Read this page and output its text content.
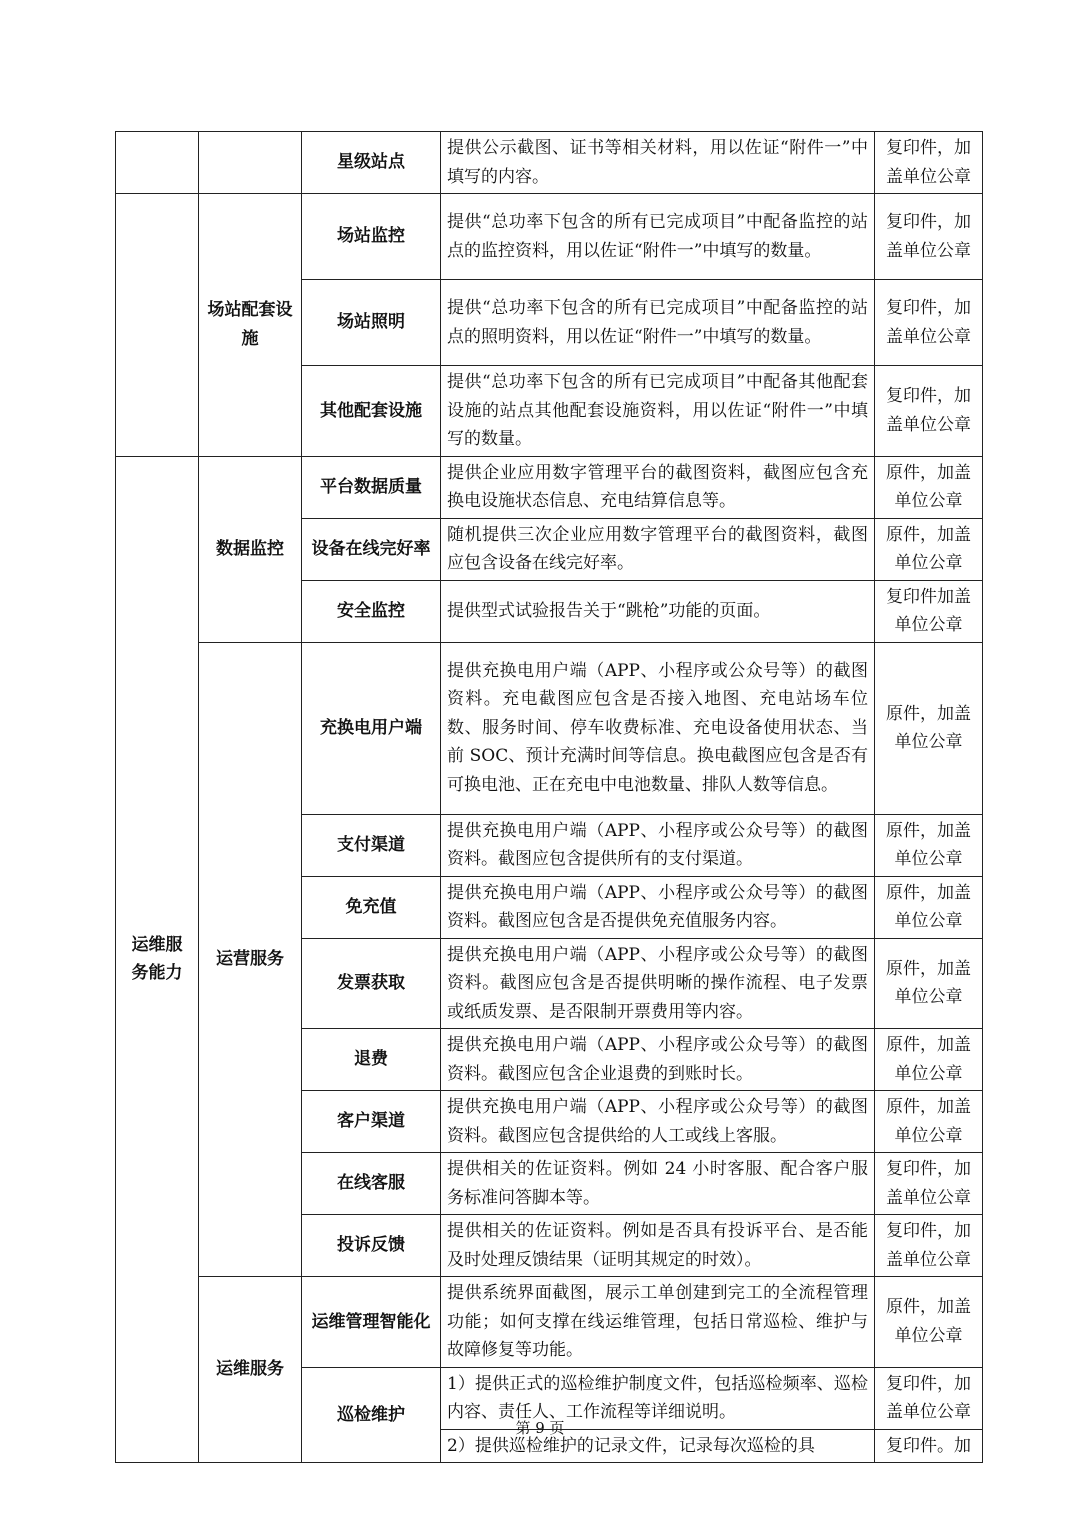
		星级站点	提供公示截图、证书等相关材料，用以佐证“附件一”中填写的内容。	复印件，加盖单位公章
	场站配套设施	场站监控	提供“总功率下包含的所有已完成项目”中配备监控的站点的监控资料，用以佐证“附件一”中填写的数量。	复印件，加盖单位公章
		场站照明	提供“总功率下包含的所有已完成项目”中配备监控的站点的照明资料，用以佐证“附件一”中填写的数量。	复印件，加盖单位公章
		其他配套设施	提供“总功率下包含的所有已完成项目”中配备其他配套设施的站点其他配套设施资料，用以佐证“附件一”中填写的数量。	复印件，加盖单位公章
运维服务能力	数据监控	平台数据质量	提供企业应用数字管理平台的截图资料，截图应包含充换电设施状态信息、充电结算信息等。	原件，加盖单位公章
		设备在线完好率	随机提供三次企业应用数字管理平台的截图资料，截图应包含设备在线完好率。	原件，加盖单位公章
		安全监控	提供型式试验报告关于“跳枪”功能的页面。	复印件加盖单位公章
	运营服务	充换电用户端	提供充换电用户端（APP、小程序或公众号等）的截图资料。充电截图应包含是否接入地图、充电站场车位数、服务时间、停车收费标准、充电设备使用状态、当前 SOC、预计充满时间等信息。换电截图应包含是否有可换电池、正在充电中电池数量、排队人数等信息。	原件，加盖单位公章
		支付渠道	提供充换电用户端（APP、小程序或公众号等）的截图资料。截图应包含提供所有的支付渠道。	原件，加盖单位公章
		免充值	提供充换电用户端（APP、小程序或公众号等）的截图资料。截图应包含是否提供免充值服务内容。	原件，加盖单位公章
		发票获取	提供充换电用户端（APP、小程序或公众号等）的截图资料。截图应包含是否提供明晰的操作流程、电子发票或纸质发票、是否限制开票费用等内容。	原件，加盖单位公章
		退费	提供充换电用户端（APP、小程序或公众号等）的截图资料。截图应包含企业退费的到账时长。	原件，加盖单位公章
		客户渠道	提供充换电用户端（APP、小程序或公众号等）的截图资料。截图应包含提供给的人工或线上客服。	原件，加盖单位公章
		在线客服	提供相关的佐证资料。例如 24 小时客服、配合客户服务标准问答脚本等。	复印件，加盖单位公章
		投诉反馈	提供相关的佐证资料。例如是否具有投诉平台、是否能及时处理反馈结果（证明其规定的时效）。	复印件，加盖单位公章
	运维服务	运维管理智能化	提供系统界面截图，展示工单创建到完工的全流程管理功能；如何支撑在线运维管理，包括日常巡检、维护与故障修复等功能。	原件，加盖单位公章
		巡检维护	1）提供正式的巡检维护制度文件，包括巡检频率、巡检内容、责任人、工作流程等详细说明。	复印件，加盖单位公章
			2）提供巡检维护的记录文件，记录每次巡检的具	复印件。加
第 9 页
